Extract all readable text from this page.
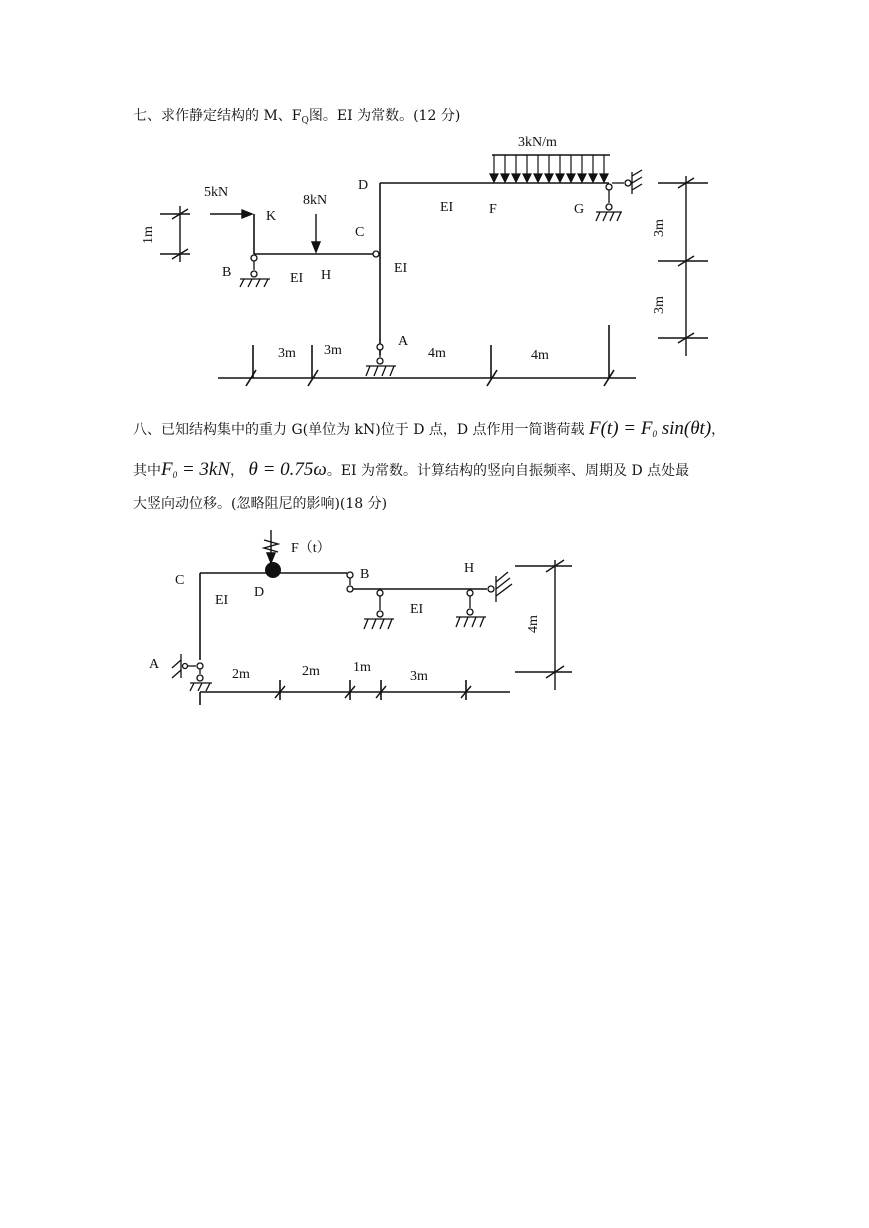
七、求作静定结构的 M、$F_Q$图。EI 为常数。(12 分)
3kN/m
5kN
8kN
D
K
C
B	H
A
F	G
EI
EI
EI
3m 3m	4m	4m
1m	3m
3m
八、已知结构集中的重力 G(单位为 kN)位于 D 点，D 点作用一简谐荷载 $F(t) = F_0$ sin(θt)，
其中$F_0 = 3kN$， θ = 0.75ω。EI 为常数。计算结构的竖向自振频率、周期及 D 点处最
大竖向动位移。(忽略阻尼的影响)(18 分)
F（t）
C
D
B	H
A
EI
EI
2m	2m 1m
3m
4m
